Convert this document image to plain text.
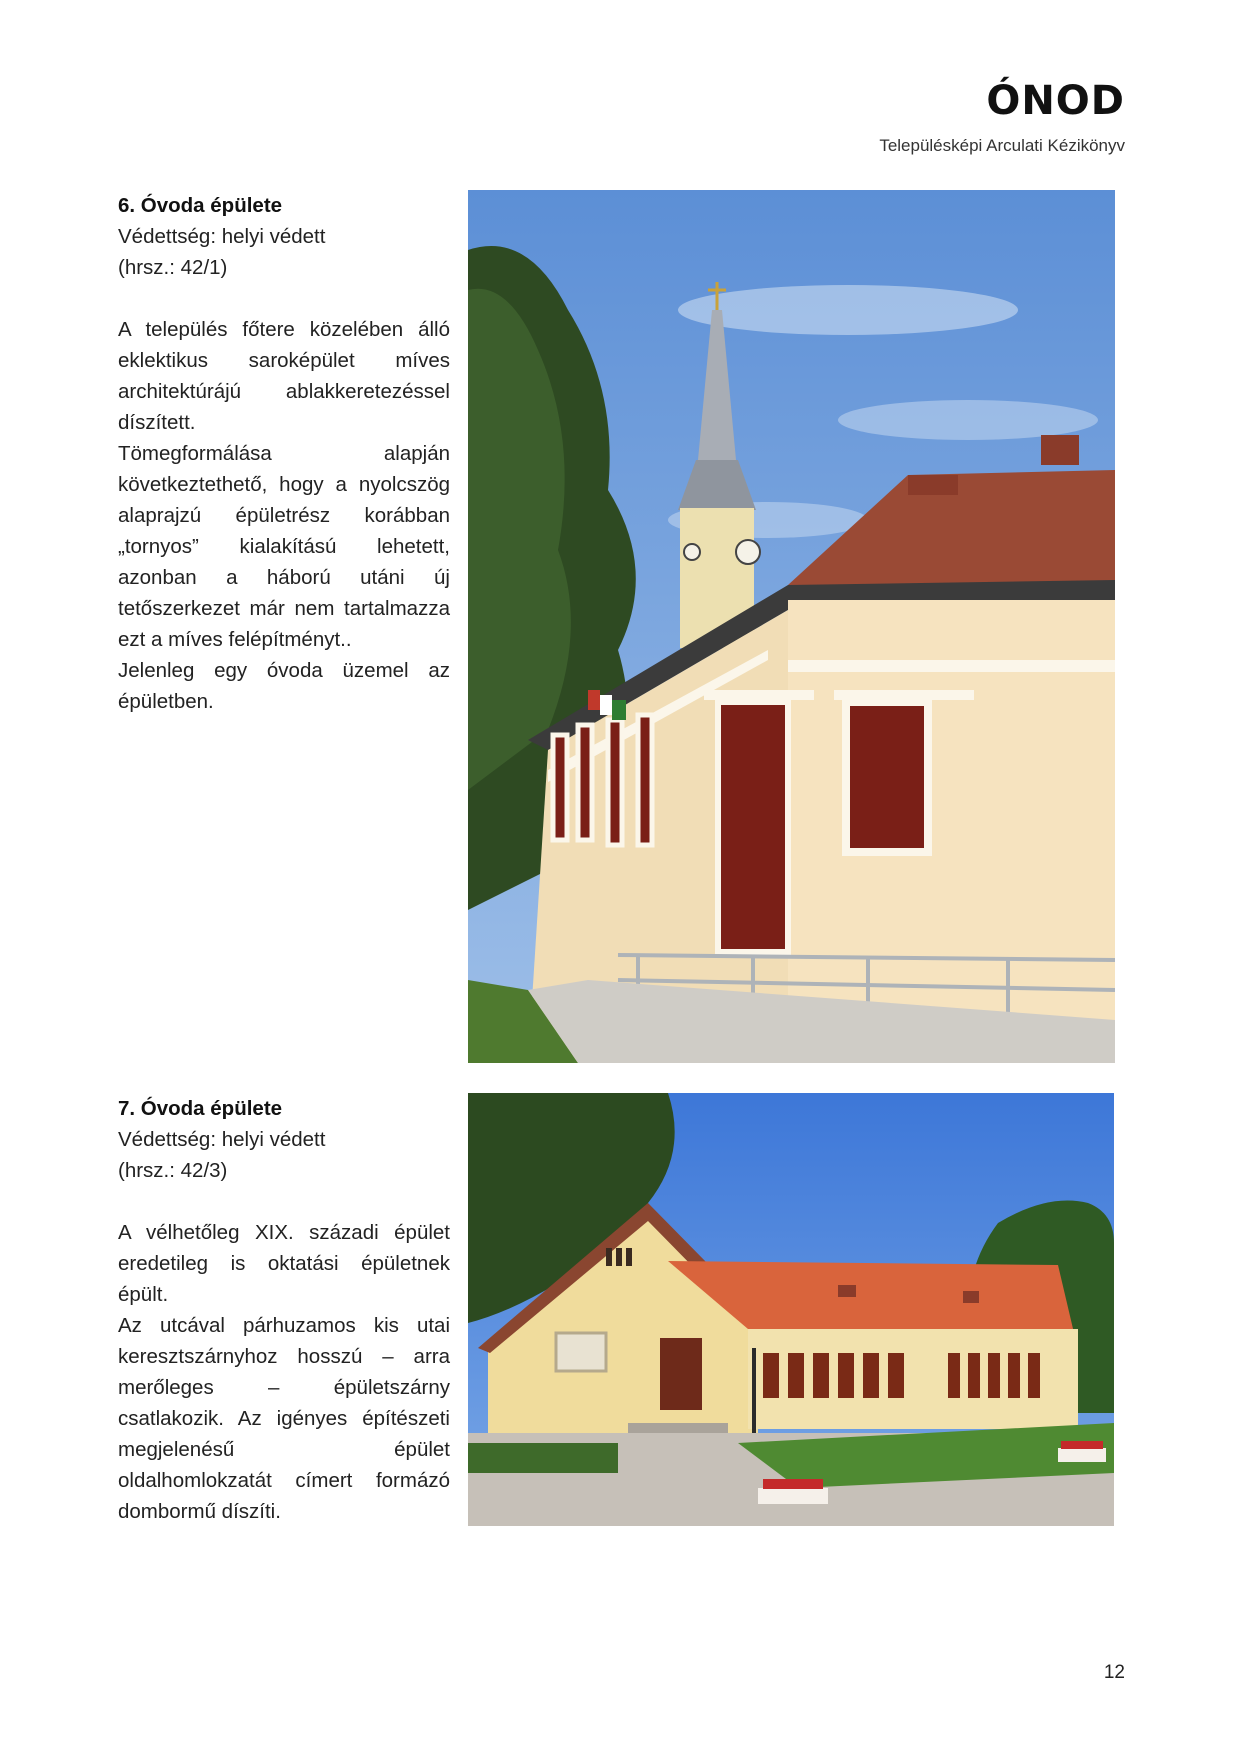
ÓNOD
Településképi Arculati Kézikönyv
6. Óvoda épülete
Védettség: helyi védett
(hrsz.: 42/1)

A település főtere közelében álló eklektikus saroképület míves architektúrájú ablakkeretezéssel díszített.

Tömegformálása alapján következtethető, hogy a nyolcszög alaprajzú épületrész korábban „tornyos” kialakítású lehetett, azonban a háború utáni új tetőszerkezet már nem tartalmazza ezt a míves felépítményt..

Jelenleg egy óvoda üzemel az épületben.

7. Óvoda épülete
Védettség: helyi védett
(hrsz.: 42/3)

A vélhetőleg XIX. századi épület eredetileg is oktatási épületnek épült.

Az utcával párhuzamos kis utai keresztszárnyhoz hosszú – arra merőleges – épületszárny csatlakozik. Az igényes építészeti megjelenésű épület oldalhomlokzatát címert formázó dombormű díszíti.

12
